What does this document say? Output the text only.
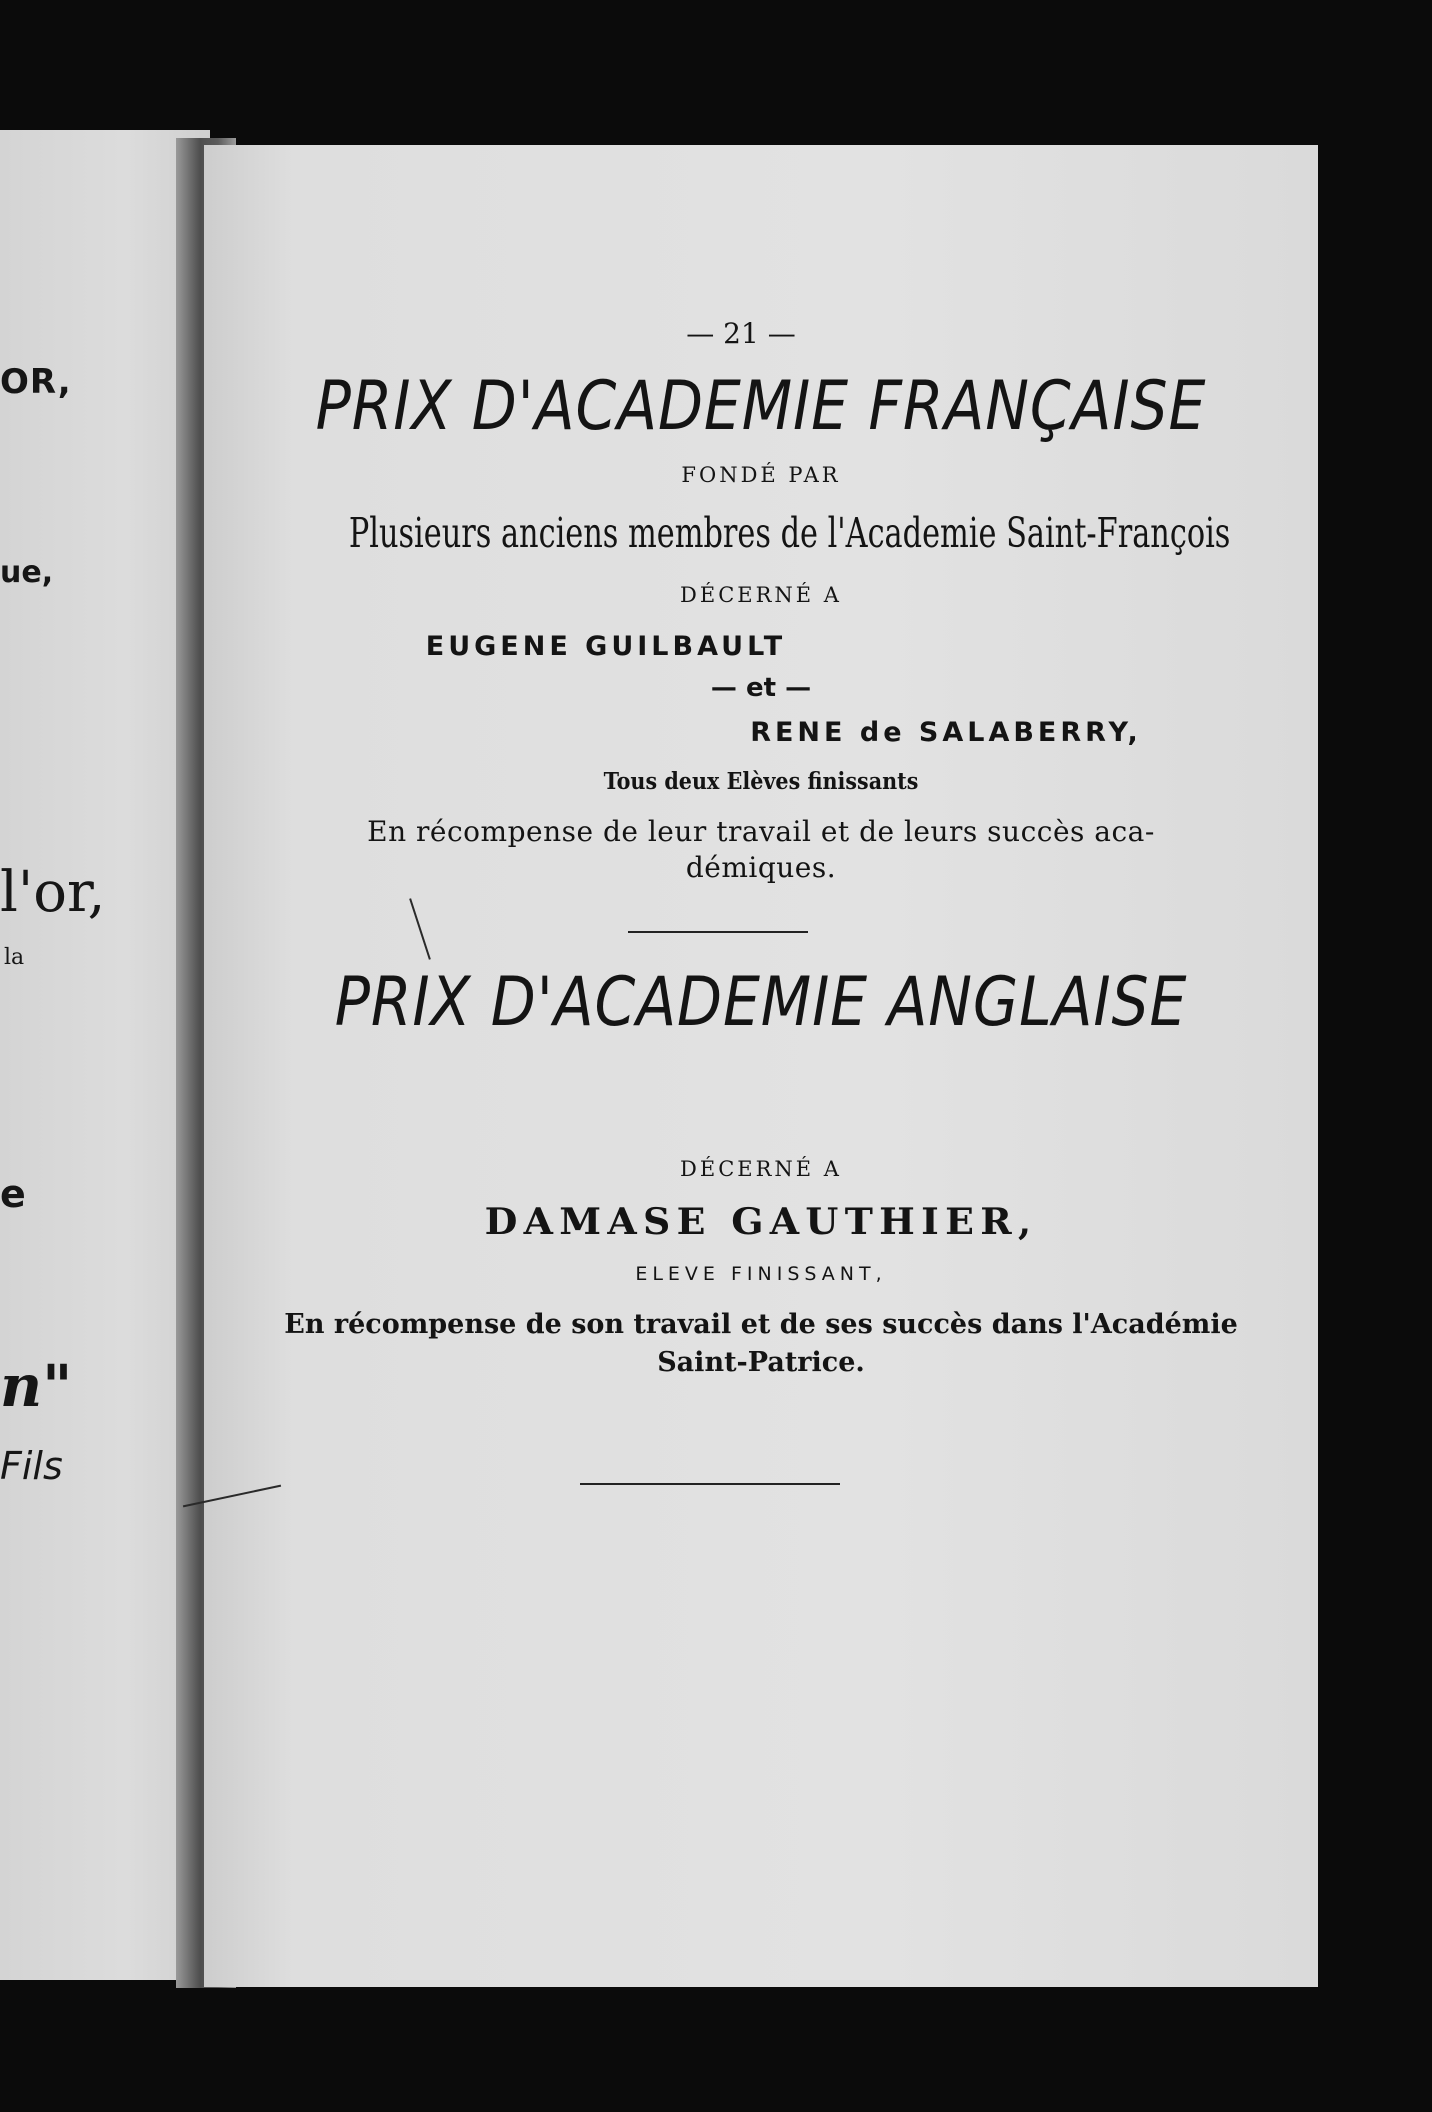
OR,
ue,
l'or,
la
e
n"
Fils
— 21 —
PRIX D'ACADEMIE FRANÇAISE
FONDÉ PAR
Plusieurs anciens membres de l'Academie Saint-François
DÉCERNÉ A
EUGENE GUILBAULT
— et —
RENE de SALABERRY,
Tous deux Elèves finissants
En récompense de leur travail et de leurs succès aca-
démiques.
PRIX D'ACADEMIE ANGLAISE
DÉCERNÉ A
DAMASE GAUTHIER,
ELEVE FINISSANT,
En récompense de son travail et de ses succès dans l'Académie
Saint-Patrice.
